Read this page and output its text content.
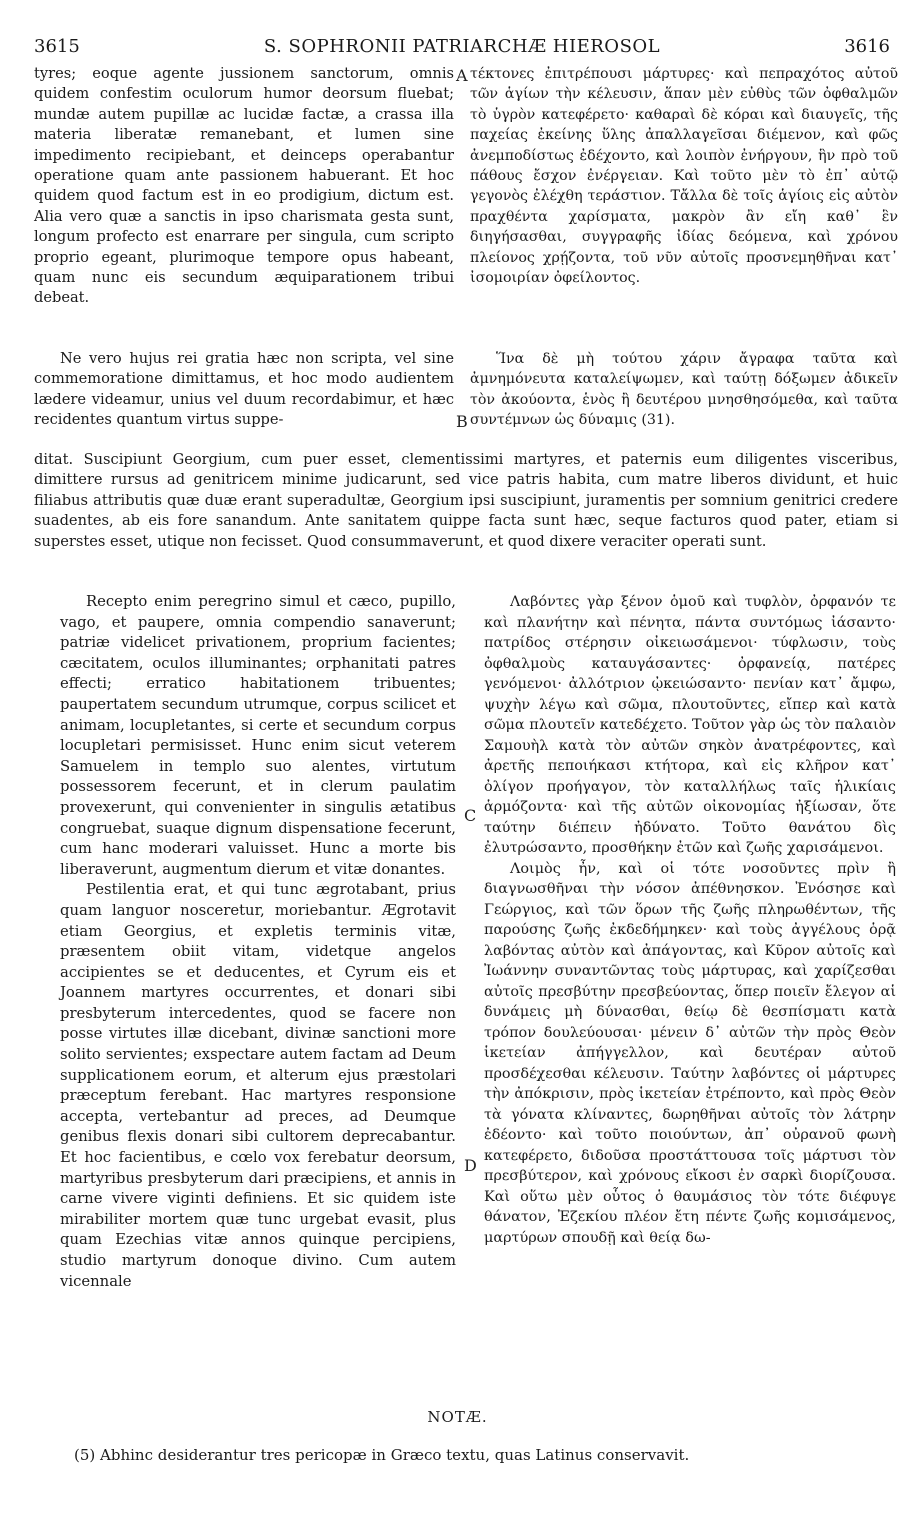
3615	S. SOPHRONII PATRIARCHÆ HIEROSOL	3616

tyres; eoque agente jussionem sanctorum, omnis quidem confestim oculorum humor deorsum fluebat; mundæ autem pupillæ ac lucidæ factæ, a crassa illa materia liberatæ remanebant, et lumen sine impedimento recipiebant, et deinceps operabantur operatione quam ante passionem habuerant. Et hoc quidem quod factum est in eo prodigium, dictum est. Alia vero quæ a sanctis in ipso charismata gesta sunt, longum profecto est enarrare per singula, cum scripto proprio egeant, plurimoque tempore opus habeant, quam nunc eis secundum æquiparationem tribui debeat.

A τέκτονες ἐπιτρέπουσι μάρτυρες· καὶ πεπραχότος αὐτοῦ τῶν ἁγίων τὴν κέλευσιν, ἅπαν μὲν εὐθὺς τῶν ὀφθαλμῶν τὸ ὑγρὸν κατεφέρετο· καθαραὶ δὲ κόραι καὶ διαυγεῖς, τῆς παχείας ἐκείνης ὕλης ἀπαλλαγεῖσαι διέμενον, καὶ φῶς ἀνεμποδίστως ἐδέχοντο, καὶ λοιπὸν ἐνήργουν, ἣν πρὸ τοῦ πάθους ἔσχον ἐνέργειαν. Καὶ τοῦτο μὲν τὸ ἐπ᾽ αὐτῷ γεγονὸς ἐλέχθη τεράστιον. Τἄλλα δὲ τοῖς ἁγίοις εἰς αὐτὸν πραχθέντα χαρίσματα, μακρὸν ἂν εἴη καθ᾽ ἓν διηγήσασθαι, συγγραφῆς ἰδίας δεόμενα, καὶ χρόνου πλείονος χρῄζοντα, τοῦ νῦν αὐτοῖς προσνεμηθῆναι κατ᾽ ἰσομοιρίαν ὀφείλοντος.

Ne vero hujus rei gratia hæc non scripta, vel sine commemoratione dimittamus, et hoc modo audientem lædere videamur, unius vel duum recordabimur, et hæc recidentes quantum virtus suppe-	B

Ἵνα δὲ μὴ τούτου χάριν ἄγραφα ταῦτα καὶ ἀμνημόνευτα καταλείψωμεν, καὶ ταύτῃ δόξωμεν ἀδικεῖν τὸν ἀκούοντα, ἑνὸς ἢ δευτέρου μνησθησόμεθα, καὶ ταῦτα συντέμνων ὡς δύναμις (31).

ditat. Suscipiunt Georgium, cum puer esset, clementissimi martyres, et paternis eum diligentes visceribus, dimittere rursus ad genitricem minime judicarunt, sed vice patris habita, cum matre liberos dividunt, et huic filiabus attributis quæ duæ erant superadultæ, Georgium ipsi suscipiunt, juramentis per somnium genitrici credere suadentes, ab eis fore sanandum. Ante sanitatem quippe facta sunt hæc, seque facturos quod pater, etiam si superstes esset, utique non fecisset. Quod consummaverunt, et quod dixere veraciter operati sunt.

Recepto enim peregrino simul et cæco, pupillo, vago, et paupere, omnia compendio sanaverunt; patriæ videlicet privationem, proprium facientes; cæcitatem, oculos illuminantes; orphanitati patres effecti; erratico habitationem tribuentes; paupertatem secundum utrumque, corpus scilicet et animam, locupletantes, si certe et secundum corpus locupletari permisisset. Hunc enim sicut veterem Samuelem in templo suo alentes, virtutum possessorem fecerunt, et in clerum paulatim provexerunt, qui convenienter in singulis ætatibus congruebat, suaque dignum dispensatione fecerunt, cum hanc moderari valuisset. Hunc a morte bis liberaverunt, augmentum dierum et vitæ donantes.

Pestilentia erat, et qui tunc ægrotabant, prius quam languor nosceretur, moriebantur. Ægrotavit etiam Georgius, et expletis terminis vitæ, præsentem obiit vitam, videtque angelos accipientes se et deducentes, et Cyrum eis et Joannem martyres occurrentes, et donari sibi presbyterum intercedentes, quod se facere non posse virtutes illæ dicebant, divinæ sanctioni more solito servientes; exspectare autem factam ad Deum supplicationem eorum, et alterum ejus præstolari præceptum ferebant. Hac martyres responsione accepta, vertebantur ad preces, ad Deumque genibus flexis donari sibi cultorem deprecabantur. Et hoc facientibus, e cœlo vox ferebatur deorsum, martyribus presbyterum dari præcipiens, et annis in carne vivere viginti definiens. Et sic quidem iste mirabiliter mortem quæ tunc urgebat evasit, plus quam Ezechias vitæ annos quinque percipiens, studio martyrum donoque divino. Cum autem vicennale

C
D

Λαβόντες γὰρ ξένον ὁμοῦ καὶ τυφλὸν, ὀρφανόν τε καὶ πλανήτην καὶ πένητα, πάντα συντόμως ἰάσαντο· πατρίδος στέρησιν οἰκειωσάμενοι· τύφλωσιν, τοὺς ὀφθαλμοὺς καταυγάσαντες· ὀρφανείᾳ, πατέρες γενόμενοι· ἀλλότριον ᾠκειώσαντο· πενίαν κατ᾽ ἄμφω, ψυχὴν λέγω καὶ σῶμα, πλουτοῦντες, εἴπερ καὶ κατὰ σῶμα πλουτεῖν κατεδέχετο. Τοῦτον γὰρ ὡς τὸν παλαιὸν Σαμουὴλ κατὰ τὸν αὐτῶν σηκὸν ἀνατρέφοντες, καὶ ἀρετῆς πεποιήκασι κτήτορα, καὶ εἰς κλῆρον κατ᾽ ὀλίγον προήγαγον, τὸν καταλλήλως ταῖς ἡλικίαις ἁρμόζοντα· καὶ τῆς αὐτῶν οἰκονομίας ἠξίωσαν, ὅτε ταύτην διέπειν ἠδύνατο. Τοῦτο θανάτου δὶς ἐλυτρώσαντο, προσθήκην ἐτῶν καὶ ζωῆς χαρισάμενοι.

Λοιμὸς ἦν, καὶ οἱ τότε νοσοῦντες πρὶν ἢ διαγνωσθῆναι τὴν νόσον ἀπέθνησκον. Ἐνόσησε καὶ Γεώργιος, καὶ τῶν ὅρων τῆς ζωῆς πληρωθέντων, τῆς παρούσης ζωῆς ἐκδεδήμηκεν· καὶ τοὺς ἀγγέλους ὁρᾷ λαβόντας αὐτὸν καὶ ἀπάγοντας, καὶ Κῦρον αὐτοῖς καὶ Ἰωάννην συναντῶντας τοὺς μάρτυρας, καὶ χαρίζεσθαι αὐτοῖς πρεσβύτην πρεσβεύοντας, ὅπερ ποιεῖν ἔλεγον αἱ δυνάμεις μὴ δύνασθαι, θείῳ δὲ θεσπίσματι κατὰ τρόπον δουλεύουσαι· μένειν δ᾽ αὐτῶν τὴν πρὸς Θεὸν ἱκετείαν ἀπήγγελλον, καὶ δευτέραν αὐτοῦ προσδέχεσθαι κέλευσιν. Ταύτην λαβόντες οἱ μάρτυρες τὴν ἀπόκρισιν, πρὸς ἱκετείαν ἐτρέποντο, καὶ πρὸς Θεὸν τὰ γόνατα κλίναντες, δωρηθῆναι αὐτοῖς τὸν λάτρην ἐδέοντο· καὶ τοῦτο ποιούντων, ἀπ᾽ οὐρανοῦ φωνὴ κατεφέρετο, διδοῦσα προστάττουσα τοῖς μάρτυσι τὸν πρεσβύτερον, καὶ χρόνους εἴκοσι ἐν σαρκὶ διορίζουσα. Καὶ οὕτω μὲν οὗτος ὁ θαυμάσιος τὸν τότε διέφυγε θάνατον, Ἐζεκίου πλέον ἔτη πέντε ζωῆς κομισάμενος, μαρτύρων σπουδῇ καὶ θείᾳ δω-

NOTÆ.
(5) Abhinc desiderantur tres pericopæ in Græco textu, quas Latinus conservavit.
